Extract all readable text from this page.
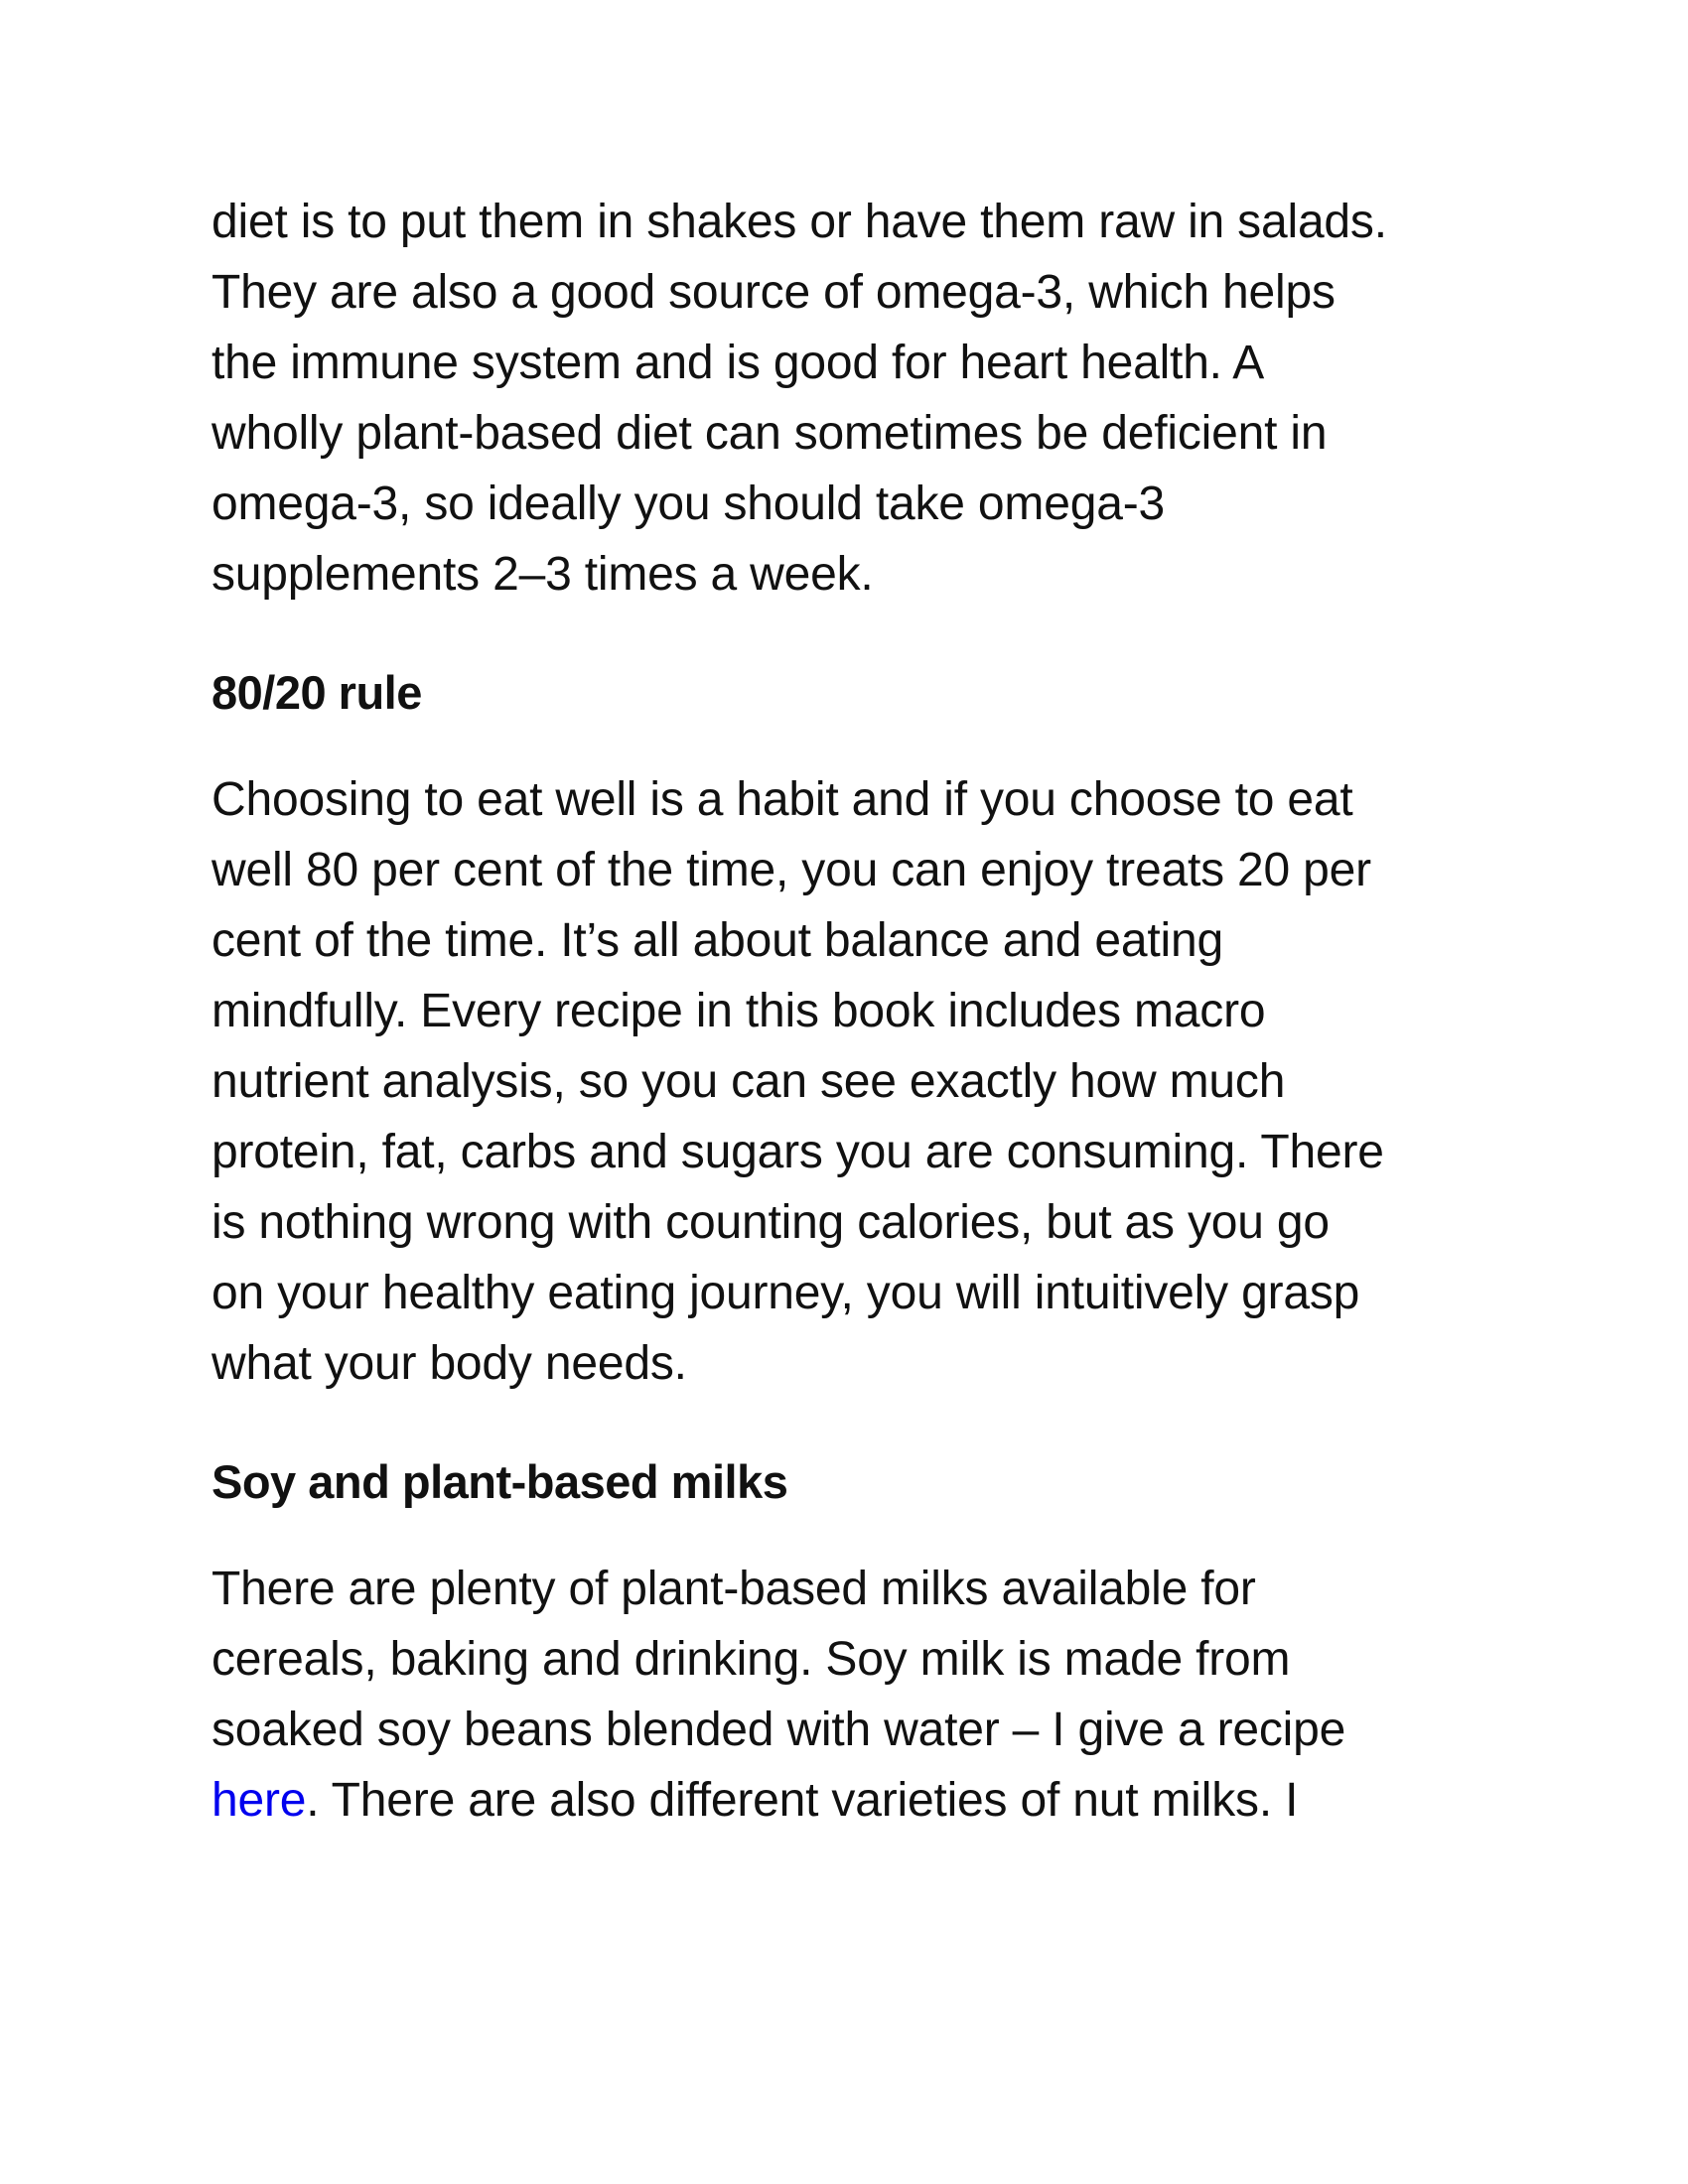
diet is to put them in shakes or have them raw in salads.
They are also a good source of omega-3, which helps
the immune system and is good for heart health. A
wholly plant-based diet can sometimes be deficient in
omega-3, so ideally you should take omega-3
supplements 2–3 times a week.

80/20 rule

Choosing to eat well is a habit and if you choose to eat
well 80 per cent of the time, you can enjoy treats 20 per
cent of the time. It’s all about balance and eating
mindfully. Every recipe in this book includes macro
nutrient analysis, so you can see exactly how much
protein, fat, carbs and sugars you are consuming. There
is nothing wrong with counting calories, but as you go
on your healthy eating journey, you will intuitively grasp
what your body needs.

Soy and plant-based milks

There are plenty of plant-based milks available for
cereals, baking and drinking. Soy milk is made from
soaked soy beans blended with water – I give a recipe
here. There are also different varieties of nut milks. I
